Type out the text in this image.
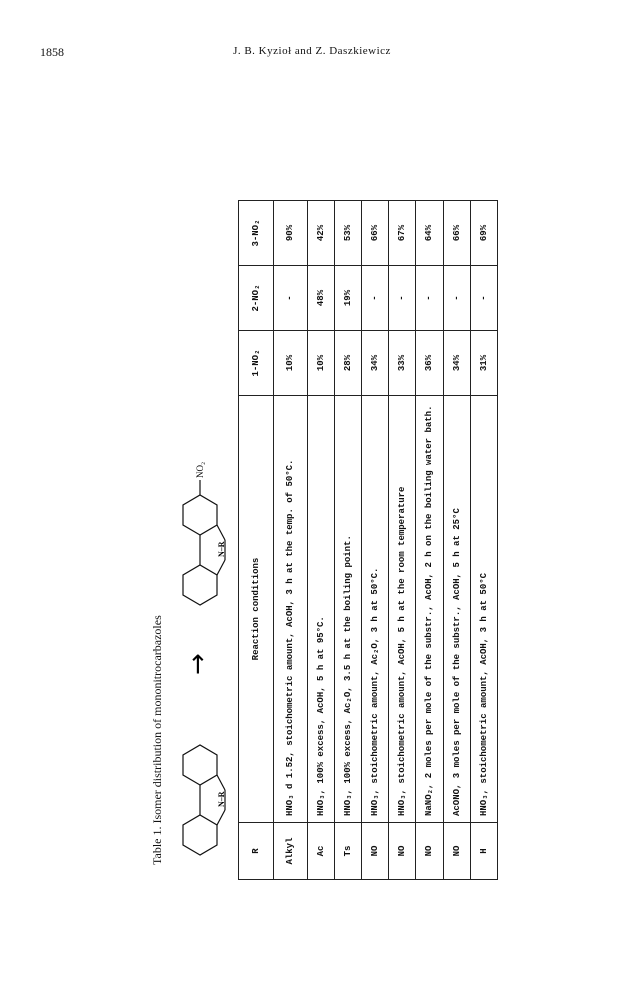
1858	J. B. Kyzioł and Z. Daszkiewicz
Table 1. Isomer distribution of mononitrocarbazoles	N–R
→
N–R
NO₂
R	Reaction conditions	1-NO₂	2-NO₂	3-NO₂
Alkyl	HNO₃ d 1.52, stoichometric amount, AcOH, 3 h at the temp. of 50°C.	10%	-	90%
Ac	HNO₃, 100% excess, AcOH, 5 h at 95°C.	10%	48%	42%
Ts	HNO₃, 100% excess, Ac₂O, 3.5 h at the boiling point.	28%	19%	53%
NO	HNO₃, stoichometric amount, Ac₂O, 3 h at 50°C.	34%	-	66%
NO	HNO₃, stoichometric amount, AcOH, 5 h at the room temperature	33%	-	67%
NO	NaNO₂, 2 moles per mole of the substr., AcOH, 2 h on the boiling water bath.	36%	-	64%
NO	AcONO, 3 moles per mole of the substr., AcOH, 5 h at 25°C	34%	-	66%
H	HNO₃, stoichometric amount, AcOH, 3 h at 50°C	31%	-	69%
